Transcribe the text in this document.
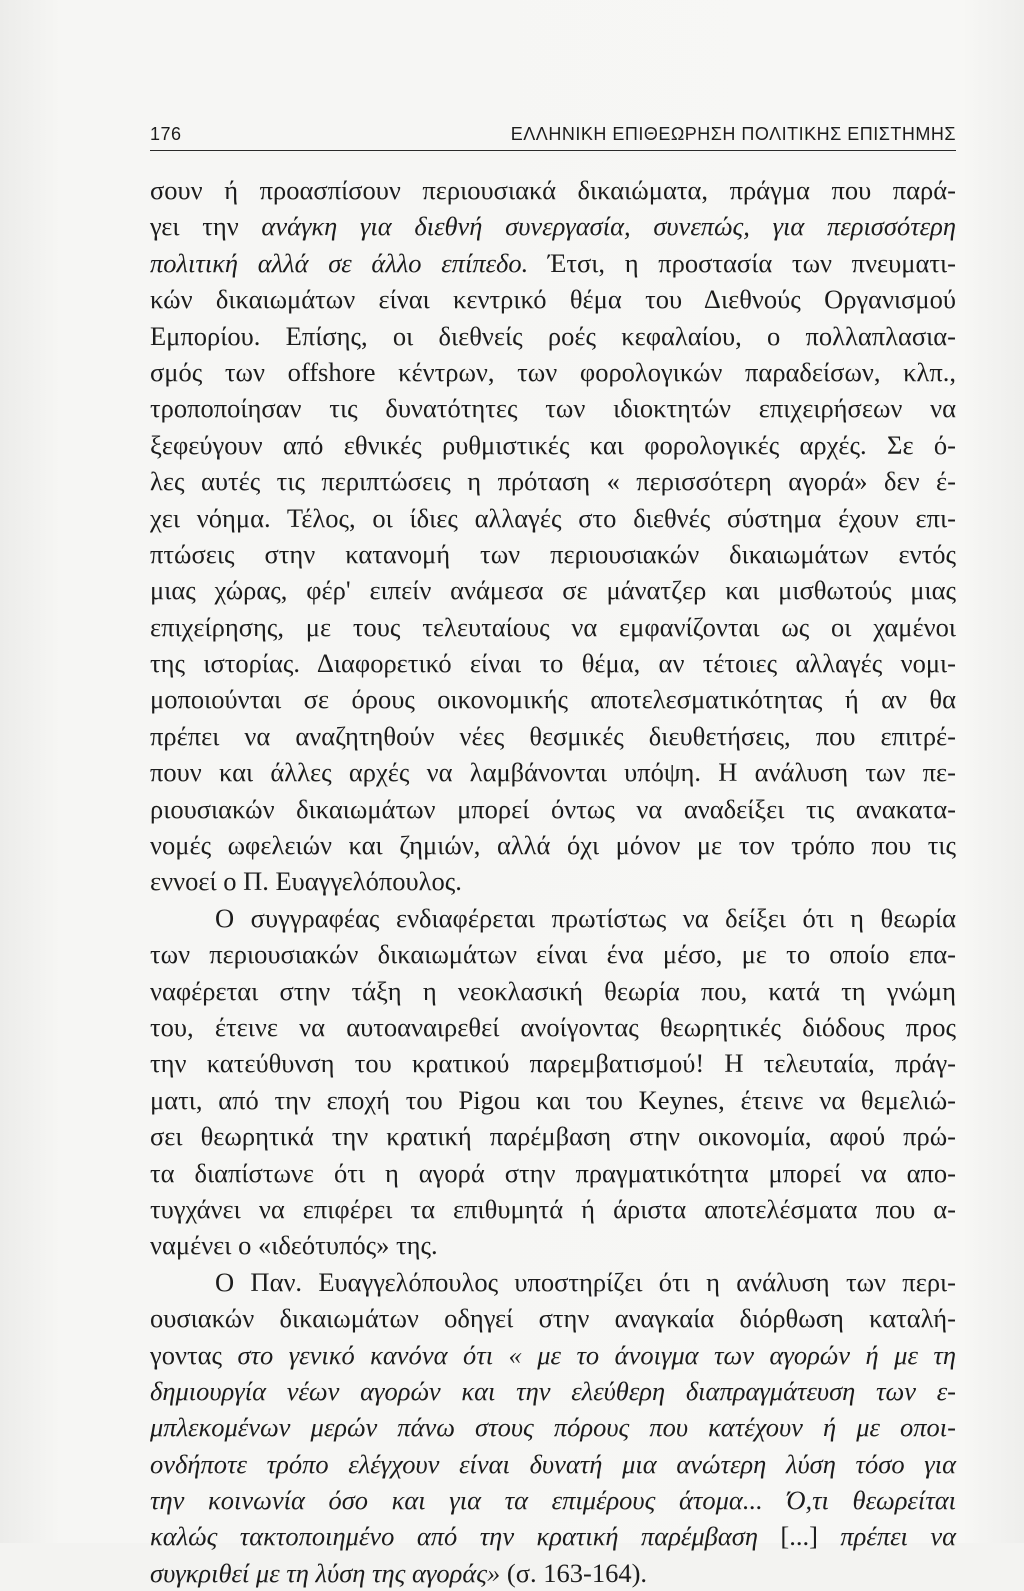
176	ΕΛΛΗΝΙΚΗ ΕΠΙΘΕΩΡΗΣΗ ΠΟΛΙΤΙΚΗΣ ΕΠΙΣΤΗΜΗΣ
σουν ή προασπίσουν περιουσιακά δικαιώματα, πράγμα που παρά-
γει την ανάγκη για διεθνή συνεργασία, συνεπώς, για περισσότερη
πολιτική αλλά σε άλλο επίπεδο. Έτσι, η προστασία των πνευματι-
κών δικαιωμάτων είναι κεντρικό θέμα του Διεθνούς Οργανισμού
Εμπορίου. Επίσης, οι διεθνείς ροές κεφαλαίου, ο πολλαπλασια-
σμός των offshore κέντρων, των φορολογικών παραδείσων, κλπ.,
τροποποίησαν τις δυνατότητες των ιδιοκτητών επιχειρήσεων να
ξεφεύγουν από εθνικές ρυθμιστικές και φορολογικές αρχές. Σε ό-
λες αυτές τις περιπτώσεις η πρόταση « περισσότερη αγορά» δεν έ-
χει νόημα. Τέλος, οι ίδιες αλλαγές στο διεθνές σύστημα έχουν επι-
πτώσεις στην κατανομή των περιουσιακών δικαιωμάτων εντός
μιας χώρας, φέρ' ειπείν ανάμεσα σε μάνατζερ και μισθωτούς μιας
επιχείρησης, με τους τελευταίους να εμφανίζονται ως οι χαμένοι
της ιστορίας. Διαφορετικό είναι το θέμα, αν τέτοιες αλλαγές νομι-
μοποιούνται σε όρους οικονομικής αποτελεσματικότητας ή αν θα
πρέπει να αναζητηθούν νέες θεσμικές διευθετήσεις, που επιτρέ-
πουν και άλλες αρχές να λαμβάνονται υπόψη. Η ανάλυση των πε-
ριουσιακών δικαιωμάτων μπορεί όντως να αναδείξει τις ανακατα-
νομές ωφελειών και ζημιών, αλλά όχι μόνον με τον τρόπο που τις
εννοεί ο Π. Ευαγγελόπουλος.
Ο συγγραφέας ενδιαφέρεται πρωτίστως να δείξει ότι η θεωρία
των περιουσιακών δικαιωμάτων είναι ένα μέσο, με το οποίο επα-
ναφέρεται στην τάξη η νεοκλασική θεωρία που, κατά τη γνώμη
του, έτεινε να αυτοαναιρεθεί ανοίγοντας θεωρητικές διόδους προς
την κατεύθυνση του κρατικού παρεμβατισμού! Η τελευταία, πράγ-
ματι, από την εποχή του Pigou και του Keynes, έτεινε να θεμελιώ-
σει θεωρητικά την κρατική παρέμβαση στην οικονομία, αφού πρώ-
τα διαπίστωνε ότι η αγορά στην πραγματικότητα μπορεί να απο-
τυγχάνει να επιφέρει τα επιθυμητά ή άριστα αποτελέσματα που α-
ναμένει ο «ιδεότυπός» της.
Ο Παν. Ευαγγελόπουλος υποστηρίζει ότι η ανάλυση των περι-
ουσιακών δικαιωμάτων οδηγεί στην αναγκαία διόρθωση καταλή-
γοντας στο γενικό κανόνα ότι « με το άνοιγμα των αγορών ή με τη
δημιουργία νέων αγορών και την ελεύθερη διαπραγμάτευση των ε-
μπλεκομένων μερών πάνω στους πόρους που κατέχουν ή με οποι-
ονδήποτε τρόπο ελέγχουν είναι δυνατή μια ανώτερη λύση τόσο για
την κοινωνία όσο και για τα επιμέρους άτομα... Ό,τι θεωρείται
καλώς τακτοποιημένο από την κρατική παρέμβαση [...] πρέπει να
συγκριθεί με τη λύση της αγοράς» (σ. 163-164).
